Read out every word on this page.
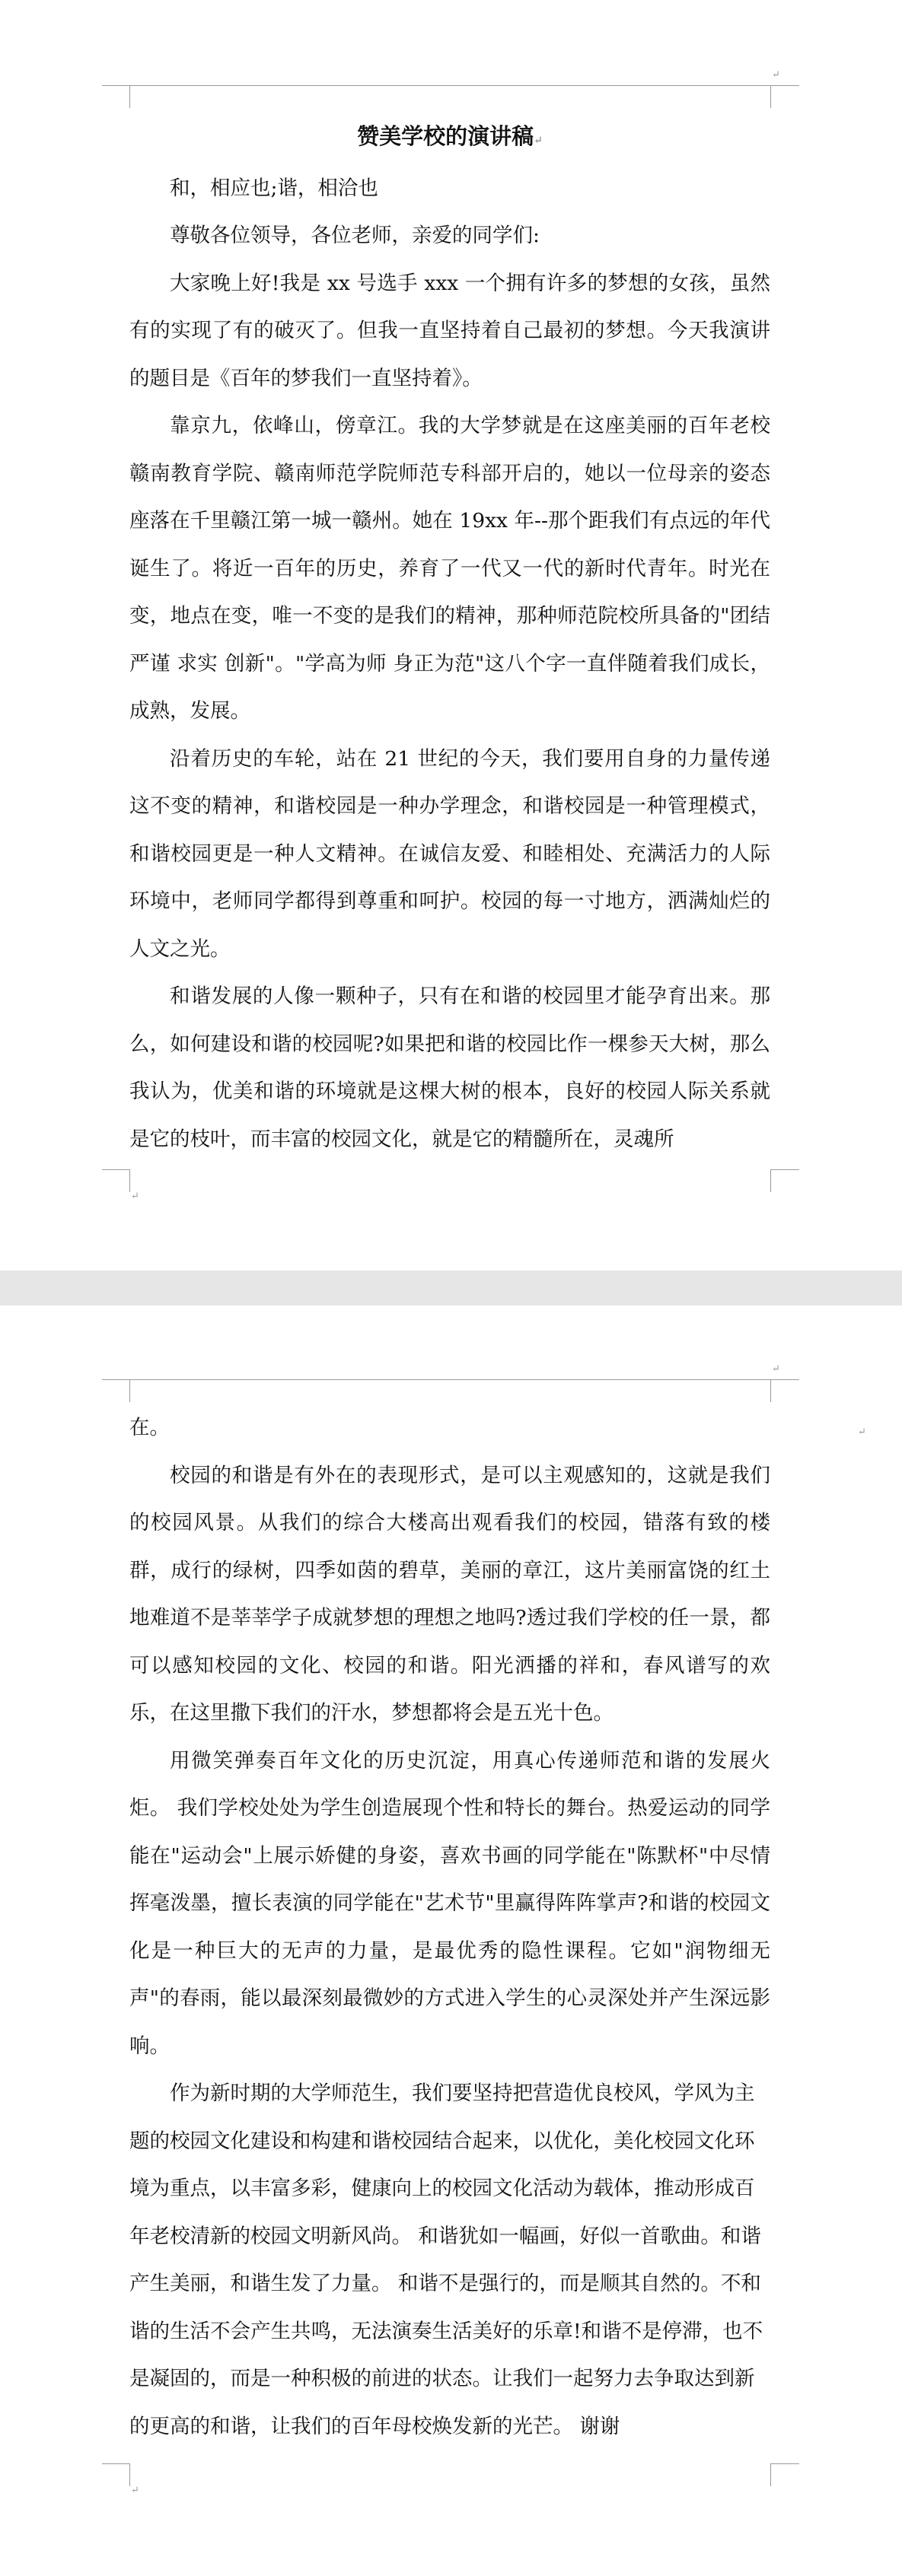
↵

赞美学校的演讲稿↵

和，相应也;谐，相洽也

尊敬各位领导，各位老师，亲爱的同学们:

大家晚上好!我是 xx 号选手 xxx 一个拥有许多的梦想的女孩，虽然有的实现了有的破灭了。但我一直坚持着自己最初的梦想。今天我演讲的题目是《百年的梦我们一直坚持着》。

靠京九，依峰山，傍章江。我的大学梦就是在这座美丽的百年老校赣南教育学院、赣南师范学院师范专科部开启的，她以一位母亲的姿态座落在千里赣江第一城一赣州。她在 19xx 年--那个距我们有点远的年代诞生了。将近一百年的历史，养育了一代又一代的新时代青年。时光在变，地点在变，唯一不变的是我们的精神，那种师范院校所具备的"团结严谨 求实 创新"。"学高为师 身正为范"这八个字一直伴随着我们成长，成熟，发展。

沿着历史的车轮，站在 21 世纪的今天，我们要用自身的力量传递这不变的精神，和谐校园是一种办学理念，和谐校园是一种管理模式，和谐校园更是一种人文精神。在诚信友爱、和睦相处、充满活力的人际环境中，老师同学都得到尊重和呵护。校园的每一寸地方，洒满灿烂的人文之光。

和谐发展的人像一颗种子，只有在和谐的校园里才能孕育出来。那么，如何建设和谐的校园呢?如果把和谐的校园比作一棵参天大树，那么我认为，优美和谐的环境就是这棵大树的根本，良好的校园人际关系就是它的枝叶，而丰富的校园文化，就是它的精髓所在，灵魂所

↵
↵
↵

在。

校园的和谐是有外在的表现形式，是可以主观感知的，这就是我们的校园风景。从我们的综合大楼高出观看我们的校园，错落有致的楼群，成行的绿树，四季如茵的碧草，美丽的章江，这片美丽富饶的红土地难道不是莘莘学子成就梦想的理想之地吗?透过我们学校的任一景，都可以感知校园的文化、校园的和谐。阳光洒播的祥和，春风谱写的欢乐，在这里撒下我们的汗水，梦想都将会是五光十色。

用微笑弹奏百年文化的历史沉淀，用真心传递师范和谐的发展火炬。 我们学校处处为学生创造展现个性和特长的舞台。热爱运动的同学能在"运动会"上展示娇健的身姿，喜欢书画的同学能在"陈默杯"中尽情挥毫泼墨，擅长表演的同学能在"艺术节"里赢得阵阵掌声?和谐的校园文化是一种巨大的无声的力量，是最优秀的隐性课程。它如"润物细无声"的春雨，能以最深刻最微妙的方式进入学生的心灵深处并产生深远影响。

作为新时期的大学师范生，我们要坚持把营造优良校风，学风为主题的校园文化建设和构建和谐校园结合起来，以优化，美化校园文化环境为重点，以丰富多彩，健康向上的校园文化活动为载体，推动形成百年老校清新的校园文明新风尚。 和谐犹如一幅画，好似一首歌曲。和谐产生美丽，和谐生发了力量。 和谐不是强行的，而是顺其自然的。不和谐的生活不会产生共鸣，无法演奏生活美好的乐章!和谐不是停滞，也不是凝固的，而是一种积极的前进的状态。让我们一起努力去争取达到新的更高的和谐，让我们的百年母校焕发新的光芒。 谢谢

↵
